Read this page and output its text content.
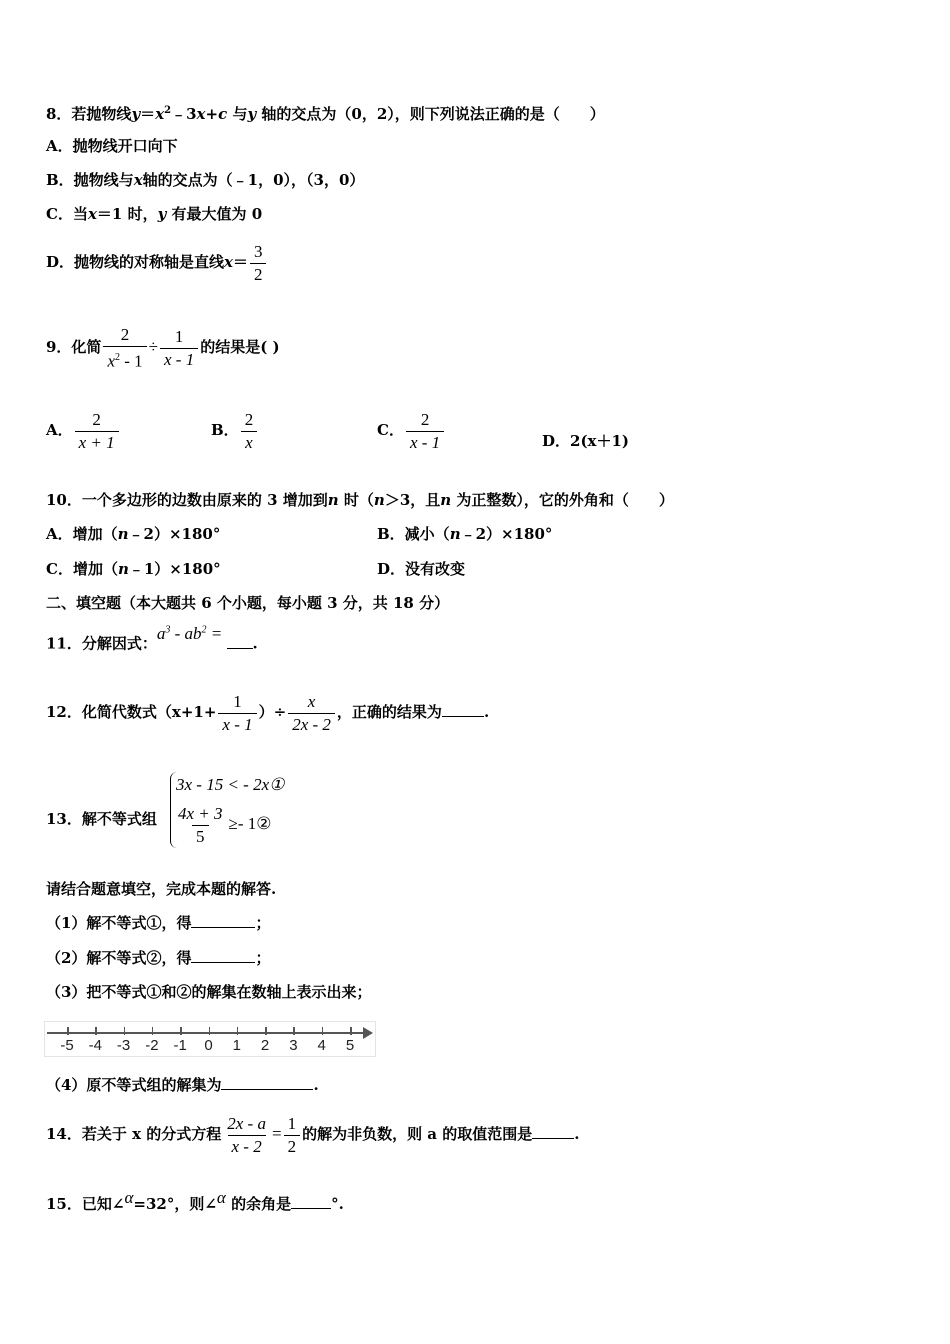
8．若抛物线$y=x^2﹣3x+c$ 与y 轴的交点为（0，2），则下列说法正确的是（　　）
A．抛物线开口向下
B．抛物线与x轴的交点为（﹣1，0），（3，0）
C．当x＝1 时，y 有最大值为 0
D．抛物线的对称轴是直线$x= \frac{3}{2}$
9．化简 $\frac{2}{x^2 - 1} \div \frac{1}{x - 1}$ 的结果是( )
A． $\frac{2}{x + 1}$	B． $\frac{2}{x}$	C． $\frac{2}{x - 1}$	D．2(x＋1)
10．一个多边形的边数由原来的 3 增加到n 时（n＞3，且n 为正整数），它的外角和（　　）
A．增加（n﹣2）×180°	B．减小（n﹣2）×180°
C．增加（n﹣1）×180°	D．没有改变
二、填空题（本大题共 6 个小题，每小题 3 分，共 18 分）
11．分解因式：$a^3 - ab^2$ = .
12．化简代数式（$x+1+ \frac{1}{x - 1}$ ）÷ $\frac{x}{2x - 2}$ ，正确的结果为	.
13．解不等式组
3x - 15 < - 2x①
$\frac{4x + 3}{5}$ ≥- 1②
请结合题意填空，完成本题的解答.
（1）解不等式①，得	；
（2）解不等式②，得	；
（3）把不等式①和②的解集在数轴上表示出来；
-5 -4 -3 -2 -1	0	1	2	3	4	5
（4）原不等式组的解集为	.
14．若关于 x 的分式方程 $\frac{2x - a}{x - 2} = \frac{1}{2}$ 的解为非负数，则 a 的取值范围是	.
15．已知∠α=32°，则∠α 的余角是	°.
